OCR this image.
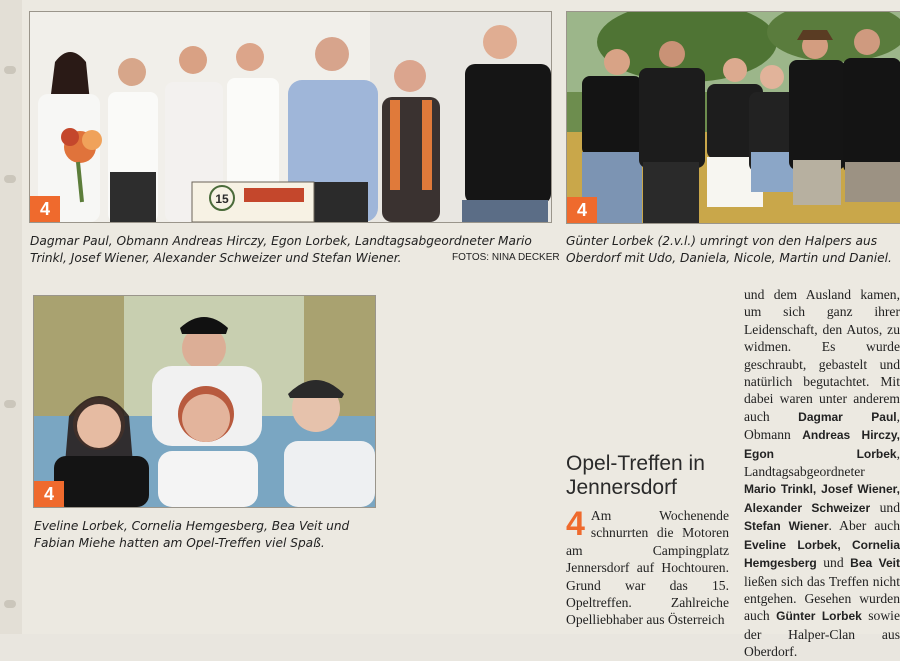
15
4	4
Dagmar Paul, Obmann Andreas Hirczy, Egon Lorbek, Landtagsabgeordneter Mario Trinkl, Josef Wiener, Alexander Schweizer und Stefan Wiener.	FOTOS: NINA DECKER
Günter Lorbek (2.v.l.) umringt von den Halpers aus Oberdorf mit Udo, Daniela, Nicole, Martin und Daniel.
4
Eveline Lorbek, Cornelia Hemgesberg, Bea Veit und Fabian Miehe hatten am Opel-Treffen viel Spaß.
Opel-Treffen in
Jennersdorf
4 Am Wochenende schnurrten die Motoren am Campingplatz Jennersdorf auf Hochtouren. Grund war das 15. Opeltreffen. Zahlreiche Opelliebhaber aus Österreich
und dem Ausland kamen, um sich ganz ihrer Leidenschaft, den Autos, zu widmen. Es wurde geschraubt, gebastelt und natürlich begutachtet. Mit dabei waren unter anderem auch Dagmar Paul, Obmann Andreas Hirczy, Egon Lorbek, Landtagsabgeordneter Mario Trinkl, Josef Wiener, Alexander Schweizer und Stefan Wiener. Aber auch Eveline Lorbek, Cornelia Hemgesberg und Bea Veit ließen sich das Treffen nicht entgehen. Gesehen wurden auch Günter Lorbek sowie der Halper-Clan aus Oberdorf.
